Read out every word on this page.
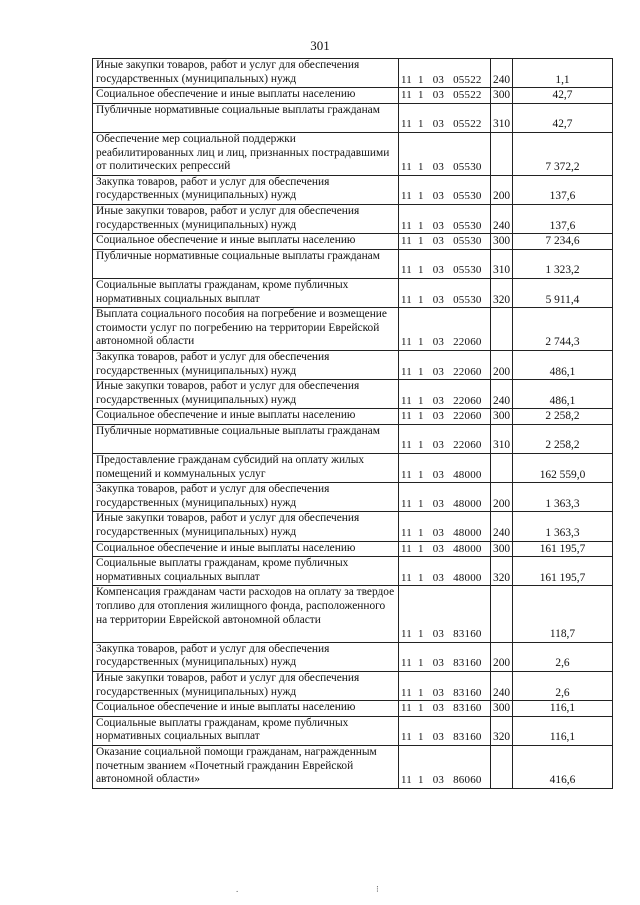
301
Иные закупки товаров, работ и услуг для обеспечения государственных (муниципальных) нужд	11 1 03 05522	240	1,1
Социальное обеспечение и иные выплаты населению	11 1 03 05522	300	42,7
Публичные нормативные социальные выплаты гражданам	11 1 03 05522	310	42,7
Обеспечение мер социальной поддержки реабилитированных лиц и лиц, признанных пострадавшими от политических репрессий	11 1 03 05530		7 372,2
Закупка товаров, работ и услуг для обеспечения государственных (муниципальных) нужд	11 1 03 05530	200	137,6
Иные закупки товаров, работ и услуг для обеспечения государственных (муниципальных) нужд	11 1 03 05530	240	137,6
Социальное обеспечение и иные выплаты населению	11 1 03 05530	300	7 234,6
Публичные нормативные социальные выплаты гражданам	11 1 03 05530	310	1 323,2
Социальные выплаты гражданам, кроме публичных нормативных социальных выплат	11 1 03 05530	320	5 911,4
Выплата социального пособия на погребение и возмещение стоимости услуг по погребению на территории Еврейской автономной области	11 1 03 22060		2 744,3
Закупка товаров, работ и услуг для обеспечения государственных (муниципальных) нужд	11 1 03 22060	200	486,1
Иные закупки товаров, работ и услуг для обеспечения государственных (муниципальных) нужд	11 1 03 22060	240	486,1
Социальное обеспечение и иные выплаты населению	11 1 03 22060	300	2 258,2
Публичные нормативные социальные выплаты гражданам	11 1 03 22060	310	2 258,2
Предоставление гражданам субсидий на оплату жилых помещений и коммунальных услуг	11 1 03 48000		162 559,0
Закупка товаров, работ и услуг для обеспечения государственных (муниципальных) нужд	11 1 03 48000	200	1 363,3
Иные закупки товаров, работ и услуг для обеспечения государственных (муниципальных) нужд	11 1 03 48000	240	1 363,3
Социальное обеспечение и иные выплаты населению	11 1 03 48000	300	161 195,7
Социальные выплаты гражданам, кроме публичных нормативных социальных выплат	11 1 03 48000	320	161 195,7
Компенсация гражданам части расходов на оплату за твердое топливо для отопления жилищного фонда, расположенного на территории Еврейской автономной области	11 1 03 83160		118,7
Закупка товаров, работ и услуг для обеспечения государственных (муниципальных) нужд	11 1 03 83160	200	2,6
Иные закупки товаров, работ и услуг для обеспечения государственных (муниципальных) нужд	11 1 03 83160	240	2,6
Социальное обеспечение и иные выплаты населению	11 1 03 83160	300	116,1
Социальные выплаты гражданам, кроме публичных нормативных социальных выплат	11 1 03 83160	320	116,1
Оказание социальной помощи гражданам, награжденным почетным званием «Почетный гражданин Еврейской автономной области»	11 1 03 86060		416,6
.	⁝
